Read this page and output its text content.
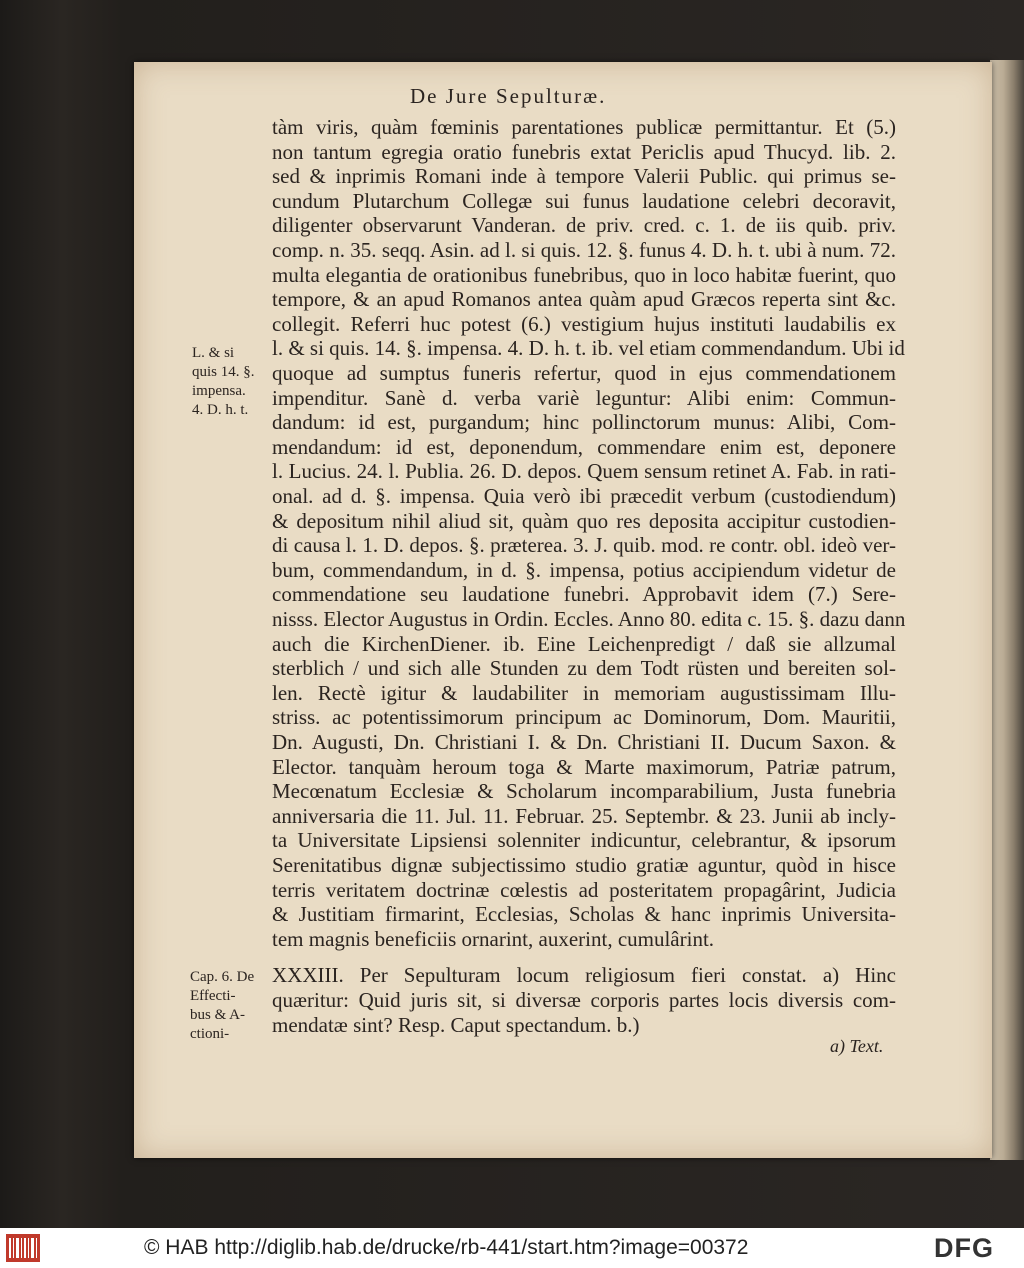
De Jure Sepulturæ.
tàm viris, quàm fœminis parentationes publicæ permittantur. Et (5.)
non tantum egregia oratio funebris extat Periclis apud Thucyd. lib. 2.
sed & inprimis Romani inde à tempore Valerii Public. qui primus se-
cundum Plutarchum Collegæ sui funus laudatione celebri decoravit,
diligenter observarunt Vanderan. de priv. cred. c. 1. de iis quib. priv.
comp. n. 35. seqq. Asin. ad l. si quis. 12. §. funus 4. D. h. t. ubi à num. 72.
multa elegantia de orationibus funebribus, quo in loco habitæ fuerint, quo
tempore, & an apud Romanos antea quàm apud Græcos reperta sint &c.
collegit. Referri huc potest (6.) vestigium hujus instituti laudabilis ex
l. & si quis. 14. §. impensa. 4. D. h. t. ib. vel etiam commendandum. Ubi id
quoque ad sumptus funeris refertur, quod in ejus commendationem
impenditur. Sanè d. verba variè leguntur: Alibi enim: Commun-
dandum: id est, purgandum; hinc pollinctorum munus: Alibi, Com-
mendandum: id est, deponendum, commendare enim est, deponere
l. Lucius. 24. l. Publia. 26. D. depos. Quem sensum retinet A. Fab. in rati-
onal. ad d. §. impensa. Quia verò ibi præcedit verbum (custodiendum)
& depositum nihil aliud sit, quàm quo res deposita accipitur custodien-
di causa l. 1. D. depos. §. præterea. 3. J. quib. mod. re contr. obl. ideò ver-
bum, commendandum, in d. §. impensa, potius accipiendum videtur de
commendatione seu laudatione funebri. Approbavit idem (7.) Sere-
nisss. Elector Augustus in Ordin. Eccles. Anno 80. edita c. 15. §. dazu dann
auch die KirchenDiener. ib. Eine Leichenpredigt / daß sie allzumal
sterblich / und sich alle Stunden zu dem Todt rüsten und bereiten sol-
len. Rectè igitur & laudabiliter in memoriam augustissimam Illu-
striss. ac potentissimorum principum ac Dominorum, Dom. Mauritii,
Dn. Augusti, Dn. Christiani I. & Dn. Christiani II. Ducum Saxon. &
Elector. tanquàm heroum toga & Marte maximorum, Patriæ patrum,
Mecœnatum Ecclesiæ & Scholarum incomparabilium, Justa funebria
anniversaria die 11. Jul. 11. Februar. 25. Septembr. & 23. Junii ab incly-
ta Universitate Lipsiensi solenniter indicuntur, celebrantur, & ipsorum
Serenitatibus dignæ subjectissimo studio gratiæ aguntur, quòd in hisce
terris veritatem doctrinæ cœlestis ad posteritatem propagârint, Judicia
& Justitiam firmarint, Ecclesias, Scholas & hanc inprimis Universita-
tem magnis beneficiis ornarint, auxerint, cumulârint.
XXXIII. Per Sepulturam locum religiosum fieri constat. a) Hinc
quæritur: Quid juris sit, si diversæ corporis partes locis diversis com-
mendatæ sint? Resp. Caput spectandum. b.)
L. & si
quis 14. §.
impensa.
4. D. h. t.
Cap. 6. De
Effecti-
bus & A-
ctioni-
a) Text.
© HAB http://diglib.hab.de/drucke/rb-441/start.htm?image=00372	DFG
